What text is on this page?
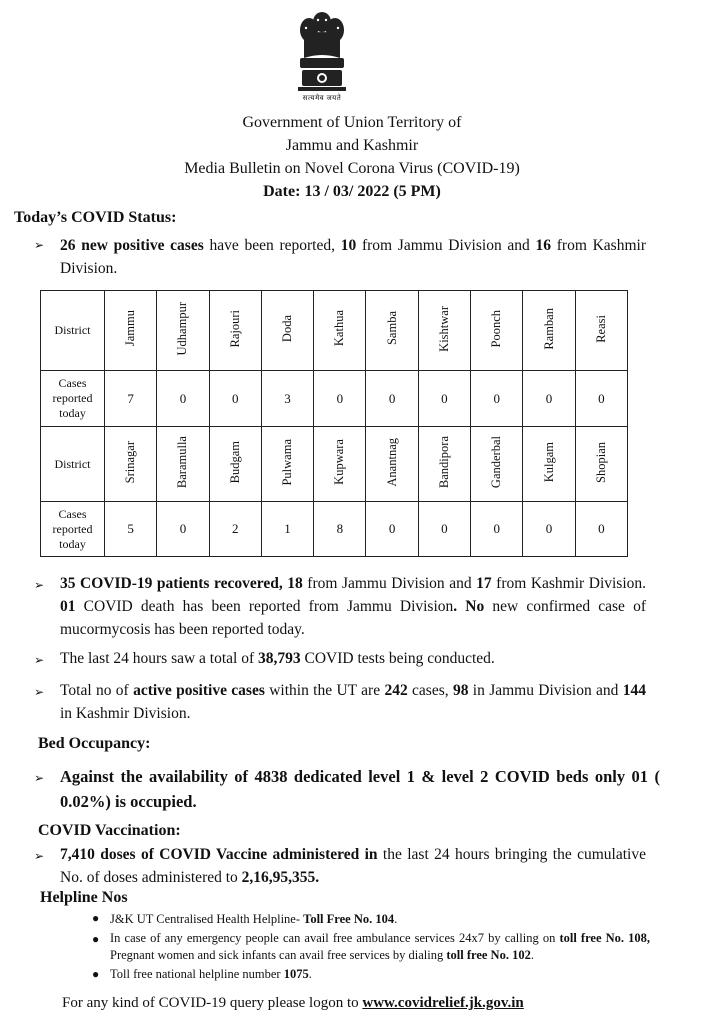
सत्यमेव जयते
Government of Union Territory of
Jammu and Kashmir
Media Bulletin on Novel Corona Virus (COVID-19)
Date: 13 / 03/ 2022 (5 PM)
Today’s COVID Status:
➢ 26 new positive cases have been reported, 10 from Jammu Division and 16 from Kashmir Division.
District	Jammu	Udhampur	Rajouri	Doda	Kathua	Samba	Kishtwar	Poonch	Ramban	Reasi
Cases reported today	7	0	0	3	0	0	0	0	0	0
District	Srinagar	Baramulla	Budgam	Pulwama	Kupwara	Anantnag	Bandipora	Ganderbal	Kulgam	Shopian
Cases reported today	5	0	2	1	8	0	0	0	0	0
➢ 35 COVID-19 patients recovered, 18 from Jammu Division and 17 from Kashmir Division. 01 COVID death has been reported from Jammu Division. No new confirmed case of mucormycosis has been reported today.
➢ The last 24 hours saw a total of 38,793 COVID tests being conducted.
➢ Total no of active positive cases within the UT are 242 cases, 98 in Jammu Division and 144 in Kashmir Division.
Bed Occupancy:
➢ Against the availability of 4838 dedicated level 1 & level 2 COVID beds only 01 ( 0.02%) is occupied.
COVID Vaccination:
➢ 7,410 doses of COVID Vaccine administered in the last 24 hours bringing the cumulative No. of doses administered to 2,16,95,355.
Helpline Nos
● J&K UT Centralised Health Helpline- Toll Free No. 104.
● In case of any emergency people can avail free ambulance services 24x7 by calling on toll free No. 108, Pregnant women and sick infants can avail free services by dialing toll free No. 102.
● Toll free national helpline number 1075.
For any kind of COVID-19 query please logon to www.covidrelief.jk.gov.in
